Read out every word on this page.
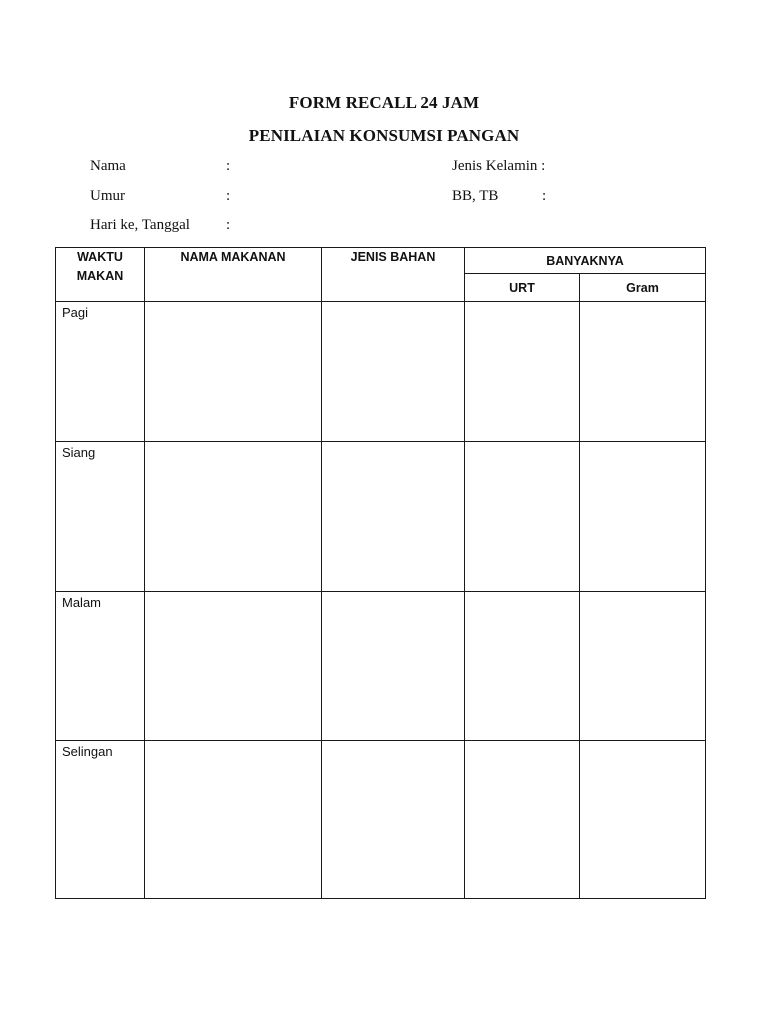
FORM RECALL 24 JAM
PENILAIAN KONSUMSI PANGAN
Nama	:
Umur	:
Hari ke, Tanggal :
Jenis Kelamin :
BB, TB	:
WAKTU
MAKAN	NAMA MAKANAN	JENIS BAHAN	BANYAKNYA	
			URT	Gram
Pagi				
Siang				
Malam				
Selingan				
